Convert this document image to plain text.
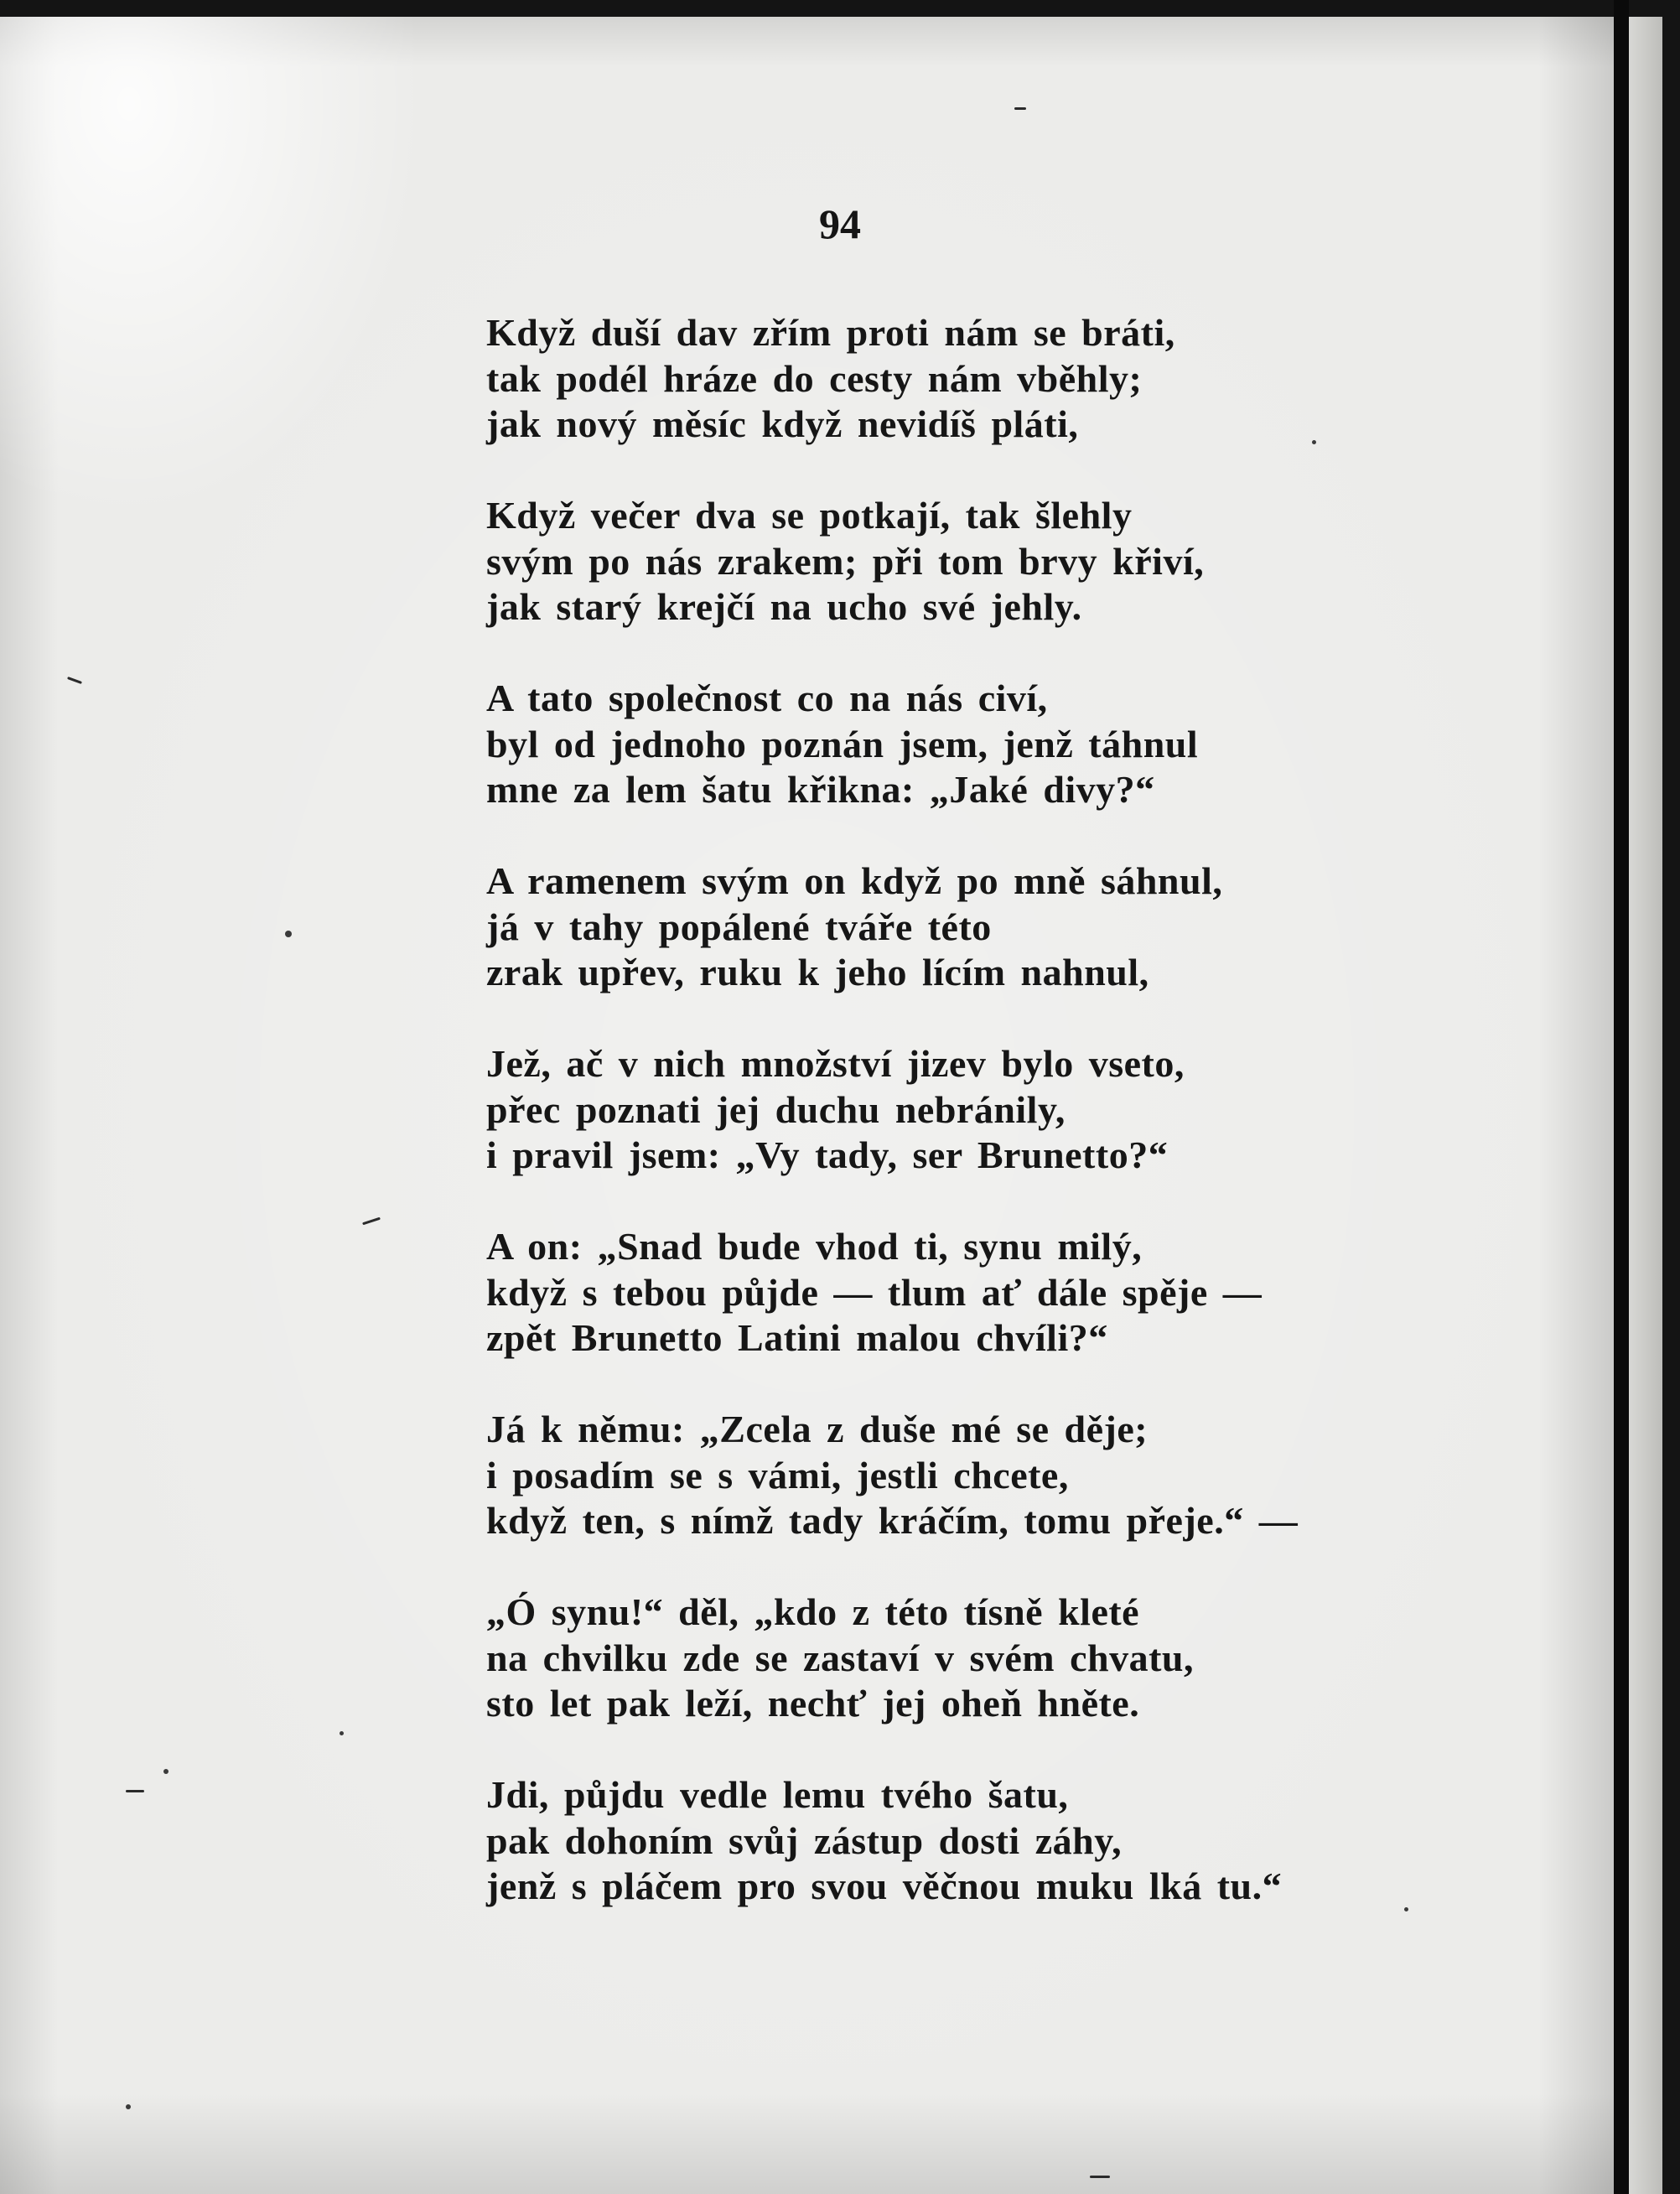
94
Když duší dav zřím proti nám se bráti,
tak podél hráze do cesty nám vběhly;
jak nový měsíc když nevidíš pláti,
Když večer dva se potkají, tak šlehly
svým po nás zrakem; při tom brvy křiví,
jak starý krejčí na ucho své jehly.
A tato společnost co na nás civí,
byl od jednoho poznán jsem, jenž táhnul
mne za lem šatu křikna: „Jaké divy?“
A ramenem svým on když po mně sáhnul,
já v tahy popálené tváře této
zrak upřev, ruku k jeho lícím nahnul,
Jež, ač v nich množství jizev bylo vseto,
přec poznati jej duchu nebránily,
i pravil jsem: „Vy tady, ser Brunetto?“
A on: „Snad bude vhod ti, synu milý,
když s tebou půjde — tlum ať dále spěje —
zpět Brunetto Latini malou chvíli?“
Já k němu: „Zcela z duše mé se děje;
i posadím se s vámi, jestli chcete,
když ten, s nímž tady kráčím, tomu přeje.“ —
„Ó synu!“ děl, „kdo z této tísně kleté
na chvilku zde se zastaví v svém chvatu,
sto let pak leží, nechť jej oheň hněte.
Jdi, půjdu vedle lemu tvého šatu,
pak dohoním svůj zástup dosti záhy,
jenž s pláčem pro svou věčnou muku lká tu.“
